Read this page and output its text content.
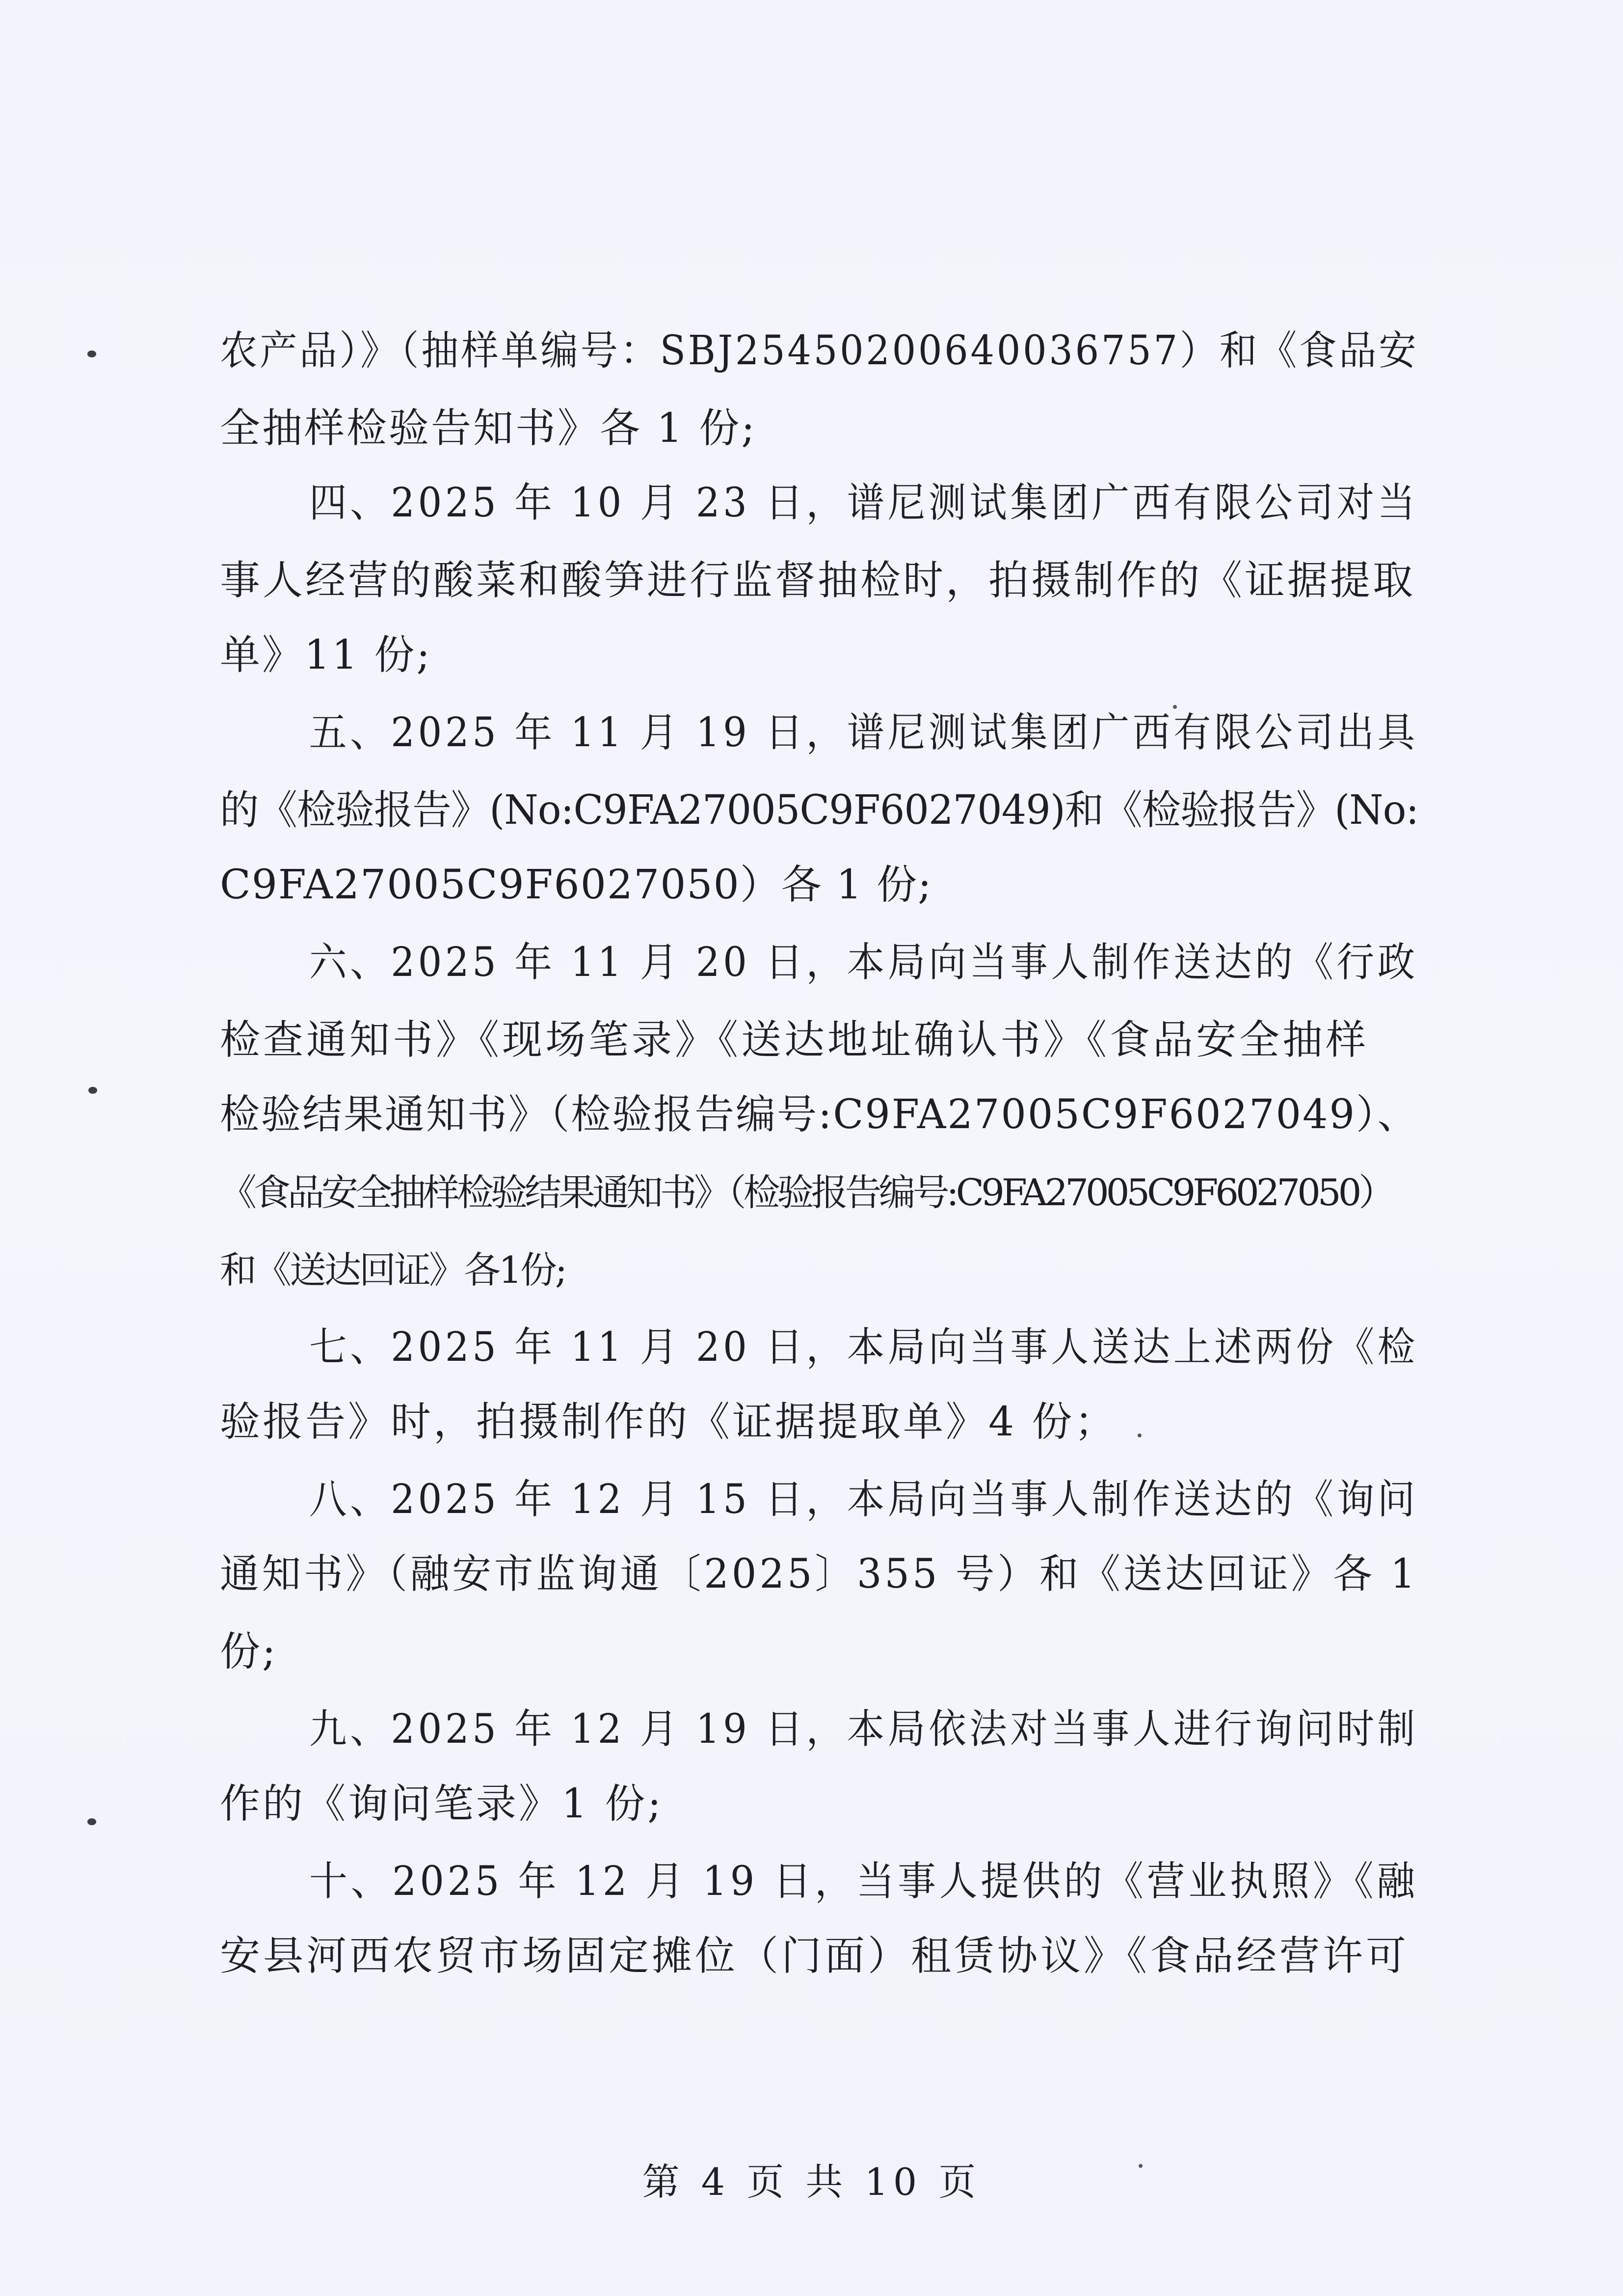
农产品）》（抽样单编号：SBJ25450200640036757）和《食品安
全抽样检验告知书》各 1 份;
四、2025 年 10 月 23 日，谱尼测试集团广西有限公司对当
事人经营的酸菜和酸笋进行监督抽检时，拍摄制作的《证据提取
单》11 份;
五、2025 年 11 月 19 日，谱尼测试集团广西有限公司出具
的《检验报告》(No:C9FA27005C9F6027049)和《检验报告》(No:
C9FA27005C9F6027050）各 1 份;
六、2025 年 11 月 20 日，本局向当事人制作送达的《行政
检查通知书》《现场笔录》《送达地址确认书》《食品安全抽样
检验结果通知书》（检验报告编号:C9FA27005C9F6027049）、
《食品安全抽样检验结果通知书》（检验报告编号:C9FA27005C9F6027050）
和《送达回证》各1份;
七、2025 年 11 月 20 日，本局向当事人送达上述两份《检
验报告》时，拍摄制作的《证据提取单》4 份；
八、2025 年 12 月 15 日，本局向当事人制作送达的《询问
通知书》（融安市监询通〔2025〕355 号）和《送达回证》各 1
份;
九、2025 年 12 月 19 日，本局依法对当事人进行询问时制
作的《询问笔录》1 份;
十、2025 年 12 月 19 日，当事人提供的《营业执照》《融
安县河西农贸市场固定摊位（门面）租赁协议》《食品经营许可
第 4 页 共 10 页
